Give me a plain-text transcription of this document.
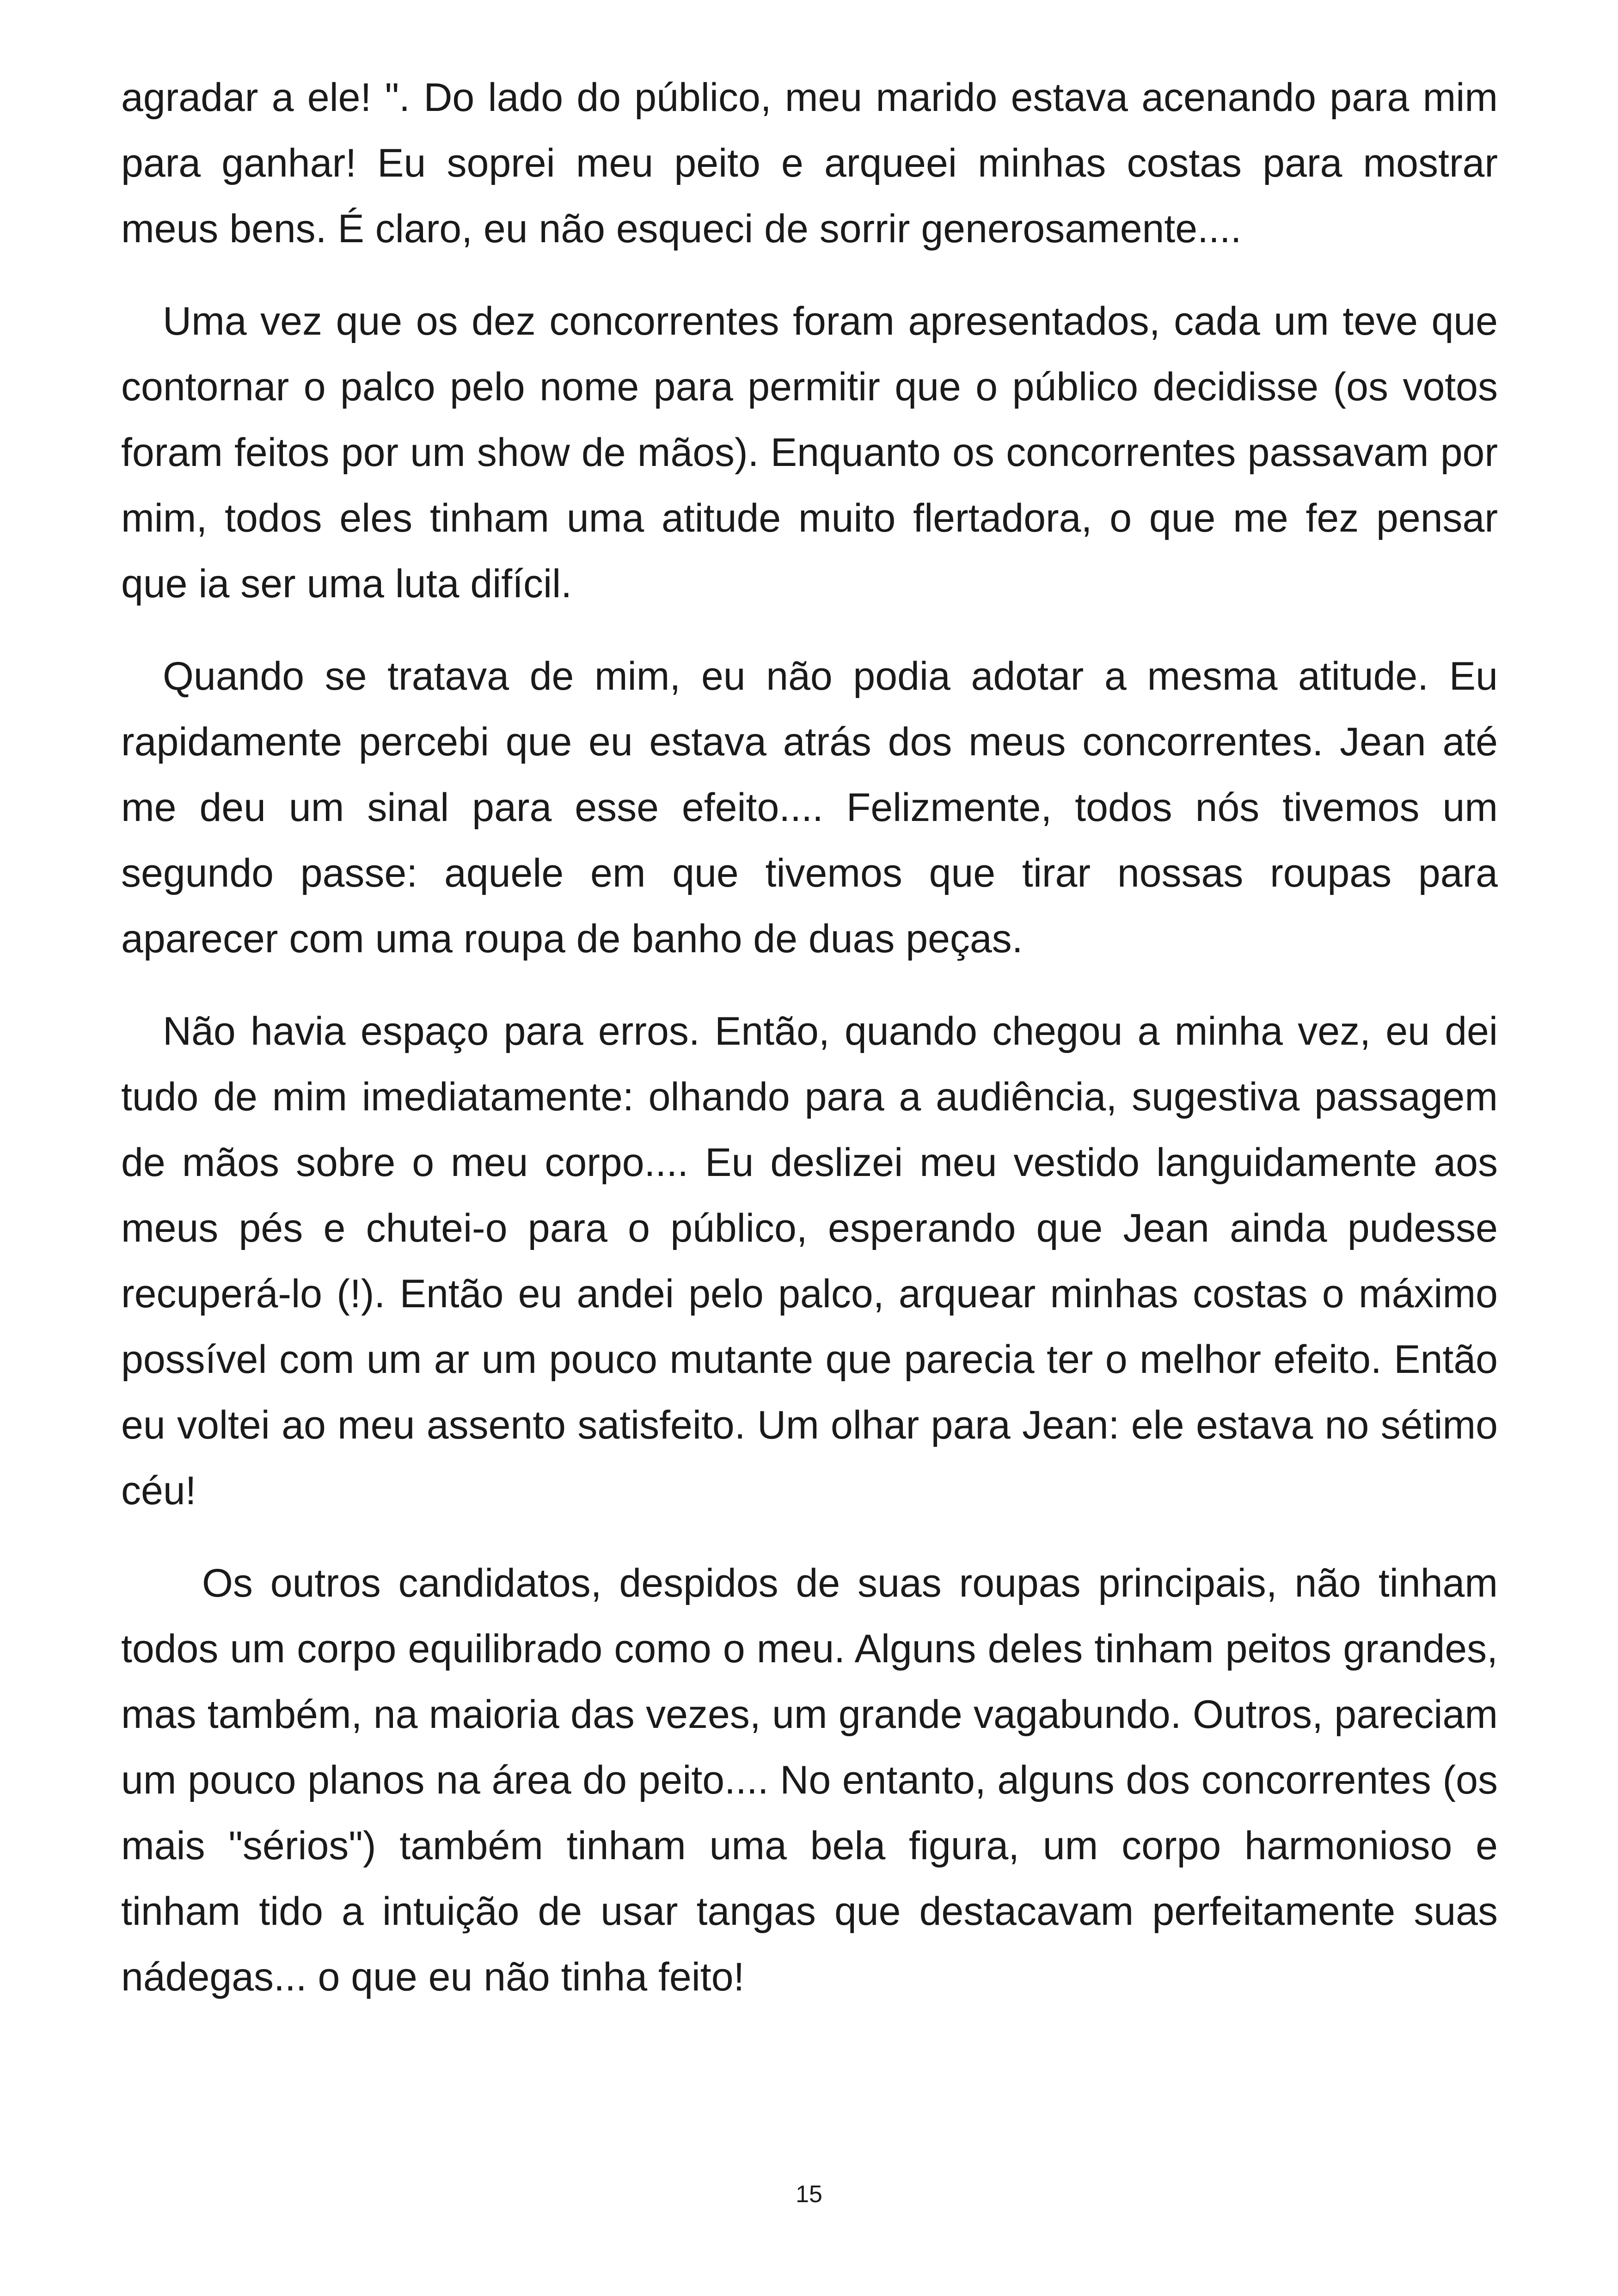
agradar a ele! ". Do lado do público, meu marido estava acenando para mim para ganhar! Eu soprei meu peito e arqueei minhas costas para mostrar meus bens. É claro, eu não esqueci de sorrir generosamente....

Uma vez que os dez concorrentes foram apresentados, cada um teve que contornar o palco pelo nome para permitir que o público decidisse (os votos foram feitos por um show de mãos). Enquanto os concorrentes passavam por mim, todos eles tinham uma atitude muito flertadora, o que me fez pensar que ia ser uma luta difícil.

Quando se tratava de mim, eu não podia adotar a mesma atitude. Eu rapidamente percebi que eu estava atrás dos meus concorrentes. Jean até me deu um sinal para esse efeito.... Felizmente, todos nós tivemos um segundo passe: aquele em que tivemos que tirar nossas roupas para aparecer com uma roupa de banho de duas peças.

Não havia espaço para erros. Então, quando chegou a minha vez, eu dei tudo de mim imediatamente: olhando para a audiência, sugestiva passagem de mãos sobre o meu corpo.... Eu deslizei meu vestido languidamente aos meus pés e chutei-o para o público, esperando que Jean ainda pudesse recuperá-lo (!). Então eu andei pelo palco, arquear minhas costas o máximo possível com um ar um pouco mutante que parecia ter o melhor efeito. Então eu voltei ao meu assento satisfeito. Um olhar para Jean: ele estava no sétimo céu!

Os outros candidatos, despidos de suas roupas principais, não tinham todos um corpo equilibrado como o meu. Alguns deles tinham peitos grandes, mas também, na maioria das vezes, um grande vagabundo. Outros, pareciam um pouco planos na área do peito.... No entanto, alguns dos concorrentes (os mais "sérios") também tinham uma bela figura, um corpo harmonioso e tinham tido a intuição de usar tangas que destacavam perfeitamente suas nádegas... o que eu não tinha feito!

15
